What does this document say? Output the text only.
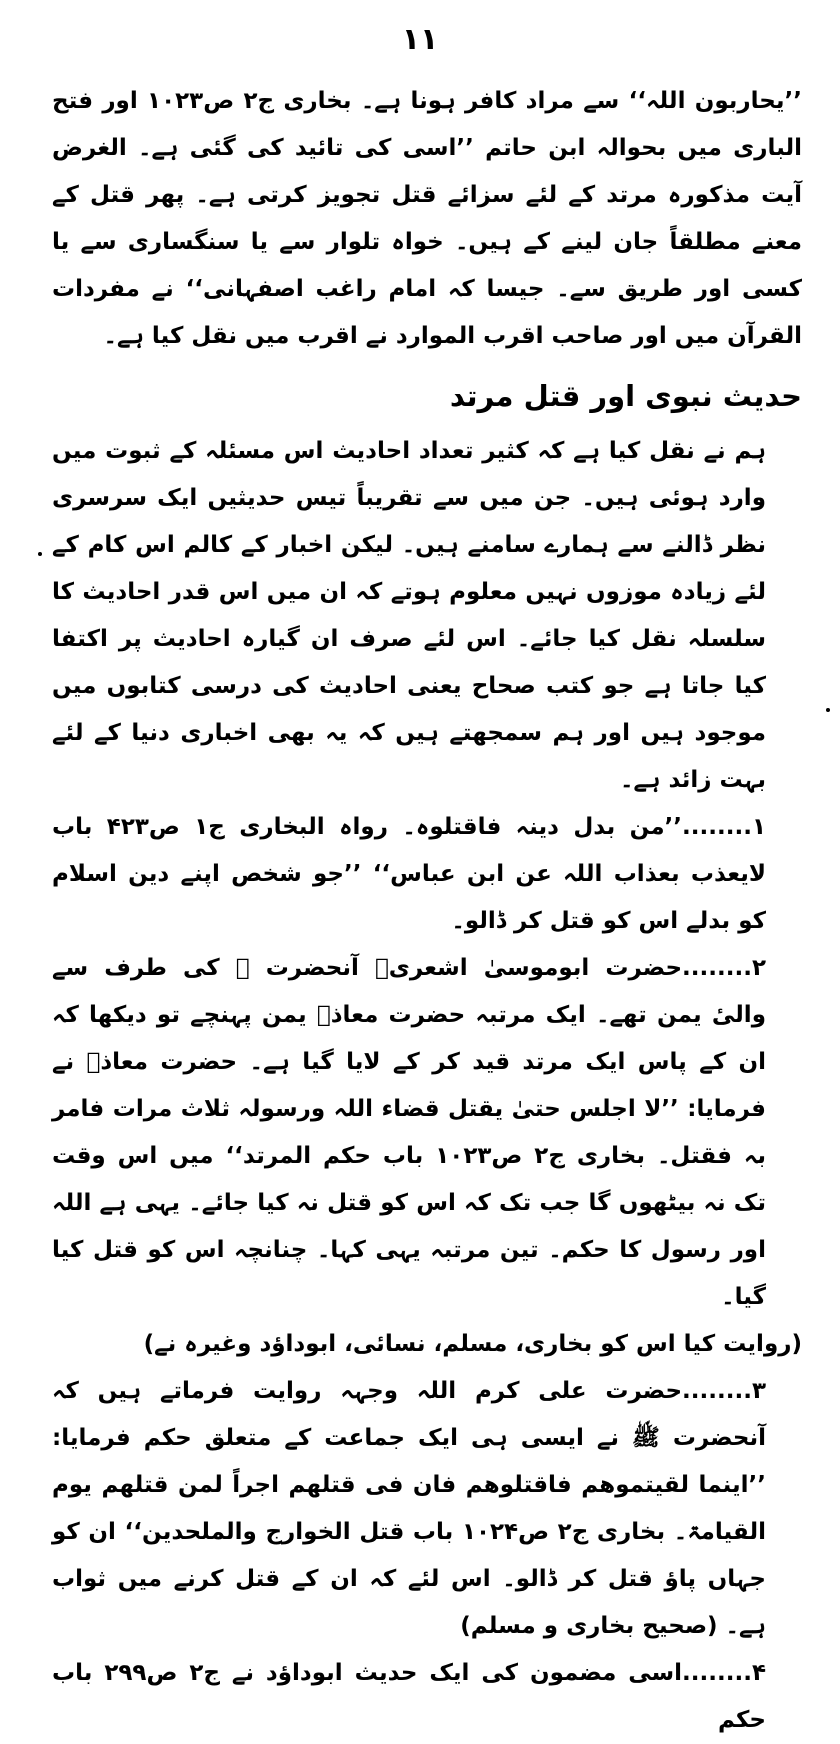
١١

’’یحاربون اللہ‘‘ سے مراد کافر ہونا ہے۔ بخاری ج۲ ص۱۰۲۳ اور فتح الباری میں بحوالہ ابن حاتم ’’اسی کی تائید کی گئی ہے۔ الغرض آیت مذکورہ مرتد کے لئے سزائے قتل تجویز کرتی ہے۔ پھر قتل کے معنے مطلقاً جان لینے کے ہیں۔ خواہ تلوار سے یا سنگساری سے یا کسی اور طریق سے۔ جیسا کہ امام راغب اصفہانی‘‘ نے مفردات القرآن میں اور صاحب اقرب الموارد نے اقرب میں نقل کیا ہے۔

حدیث نبوی اور قتل مرتد

ہم نے نقل کیا ہے کہ کثیر تعداد احادیث اس مسئلہ کے ثبوت میں وارد ہوئی ہیں۔ جن میں سے تقریباً تیس حدیثیں ایک سرسری نظر ڈالنے سے ہمارے سامنے ہیں۔ لیکن اخبار کے کالم اس کام کے لئے زیادہ موزوں نہیں معلوم ہوتے کہ ان میں اس قدر احادیث کا سلسلہ نقل کیا جائے۔ اس لئے صرف ان گیارہ احادیث پر اکتفا کیا جاتا ہے جو کتب صحاح یعنی احادیث کی درسی کتابوں میں موجود ہیں اور ہم سمجھتے ہیں کہ یہ بھی اخباری دنیا کے لئے بہت زائد ہے۔

۱........’’من بدل دینہ فاقتلوہ۔ رواہ البخاری ج۱ ص۴۲۳ باب لایعذب بعذاب اللہ عن ابن عباس‘‘ ’’جو شخص اپنے دین اسلام کو بدلے اس کو قتل کر ڈالو۔

۲........حضرت ابوموسیٰ اشعریؓ آنحضرت ﷺ کی طرف سے والیٔ یمن تھے۔ ایک مرتبہ حضرت معاذؓ یمن پہنچے تو دیکھا کہ ان کے پاس ایک مرتد قید کر کے لایا گیا ہے۔ حضرت معاذؓ نے فرمایا: ’’لا اجلس حتیٰ یقتل قضاء اللہ ورسولہ ثلاث مرات فامر بہ فقتل۔ بخاری ج۲ ص۱۰۲۳ باب حکم المرتد‘‘ میں اس وقت تک نہ بیٹھوں گا جب تک کہ اس کو قتل نہ کیا جائے۔ یہی ہے اللہ اور رسول کا حکم۔ تین مرتبہ یہی کہا۔ چنانچہ اس کو قتل کیا گیا۔

(روایت کیا اس کو بخاری، مسلم، نسائی، ابوداؤد وغیرہ نے)

۳........حضرت علی کرم اللہ وجہہ روایت فرماتے ہیں کہ آنحضرت ﷺ نے ایسی ہی ایک جماعت کے متعلق حکم فرمایا: ’’اینما لقیتموھم فاقتلوھم فان فی قتلھم اجراً لمن قتلھم یوم القیامۃ۔ بخاری ج۲ ص۱۰۲۴ باب قتل الخوارج والملحدین‘‘ ان کو جہاں پاؤ قتل کر ڈالو۔ اس لئے کہ ان کے قتل کرنے میں ثواب ہے۔ (صحیح بخاری و مسلم)

۴........اسی مضمون کی ایک حدیث ابوداؤد نے ج۲ ص۲۹۹ باب حکم
